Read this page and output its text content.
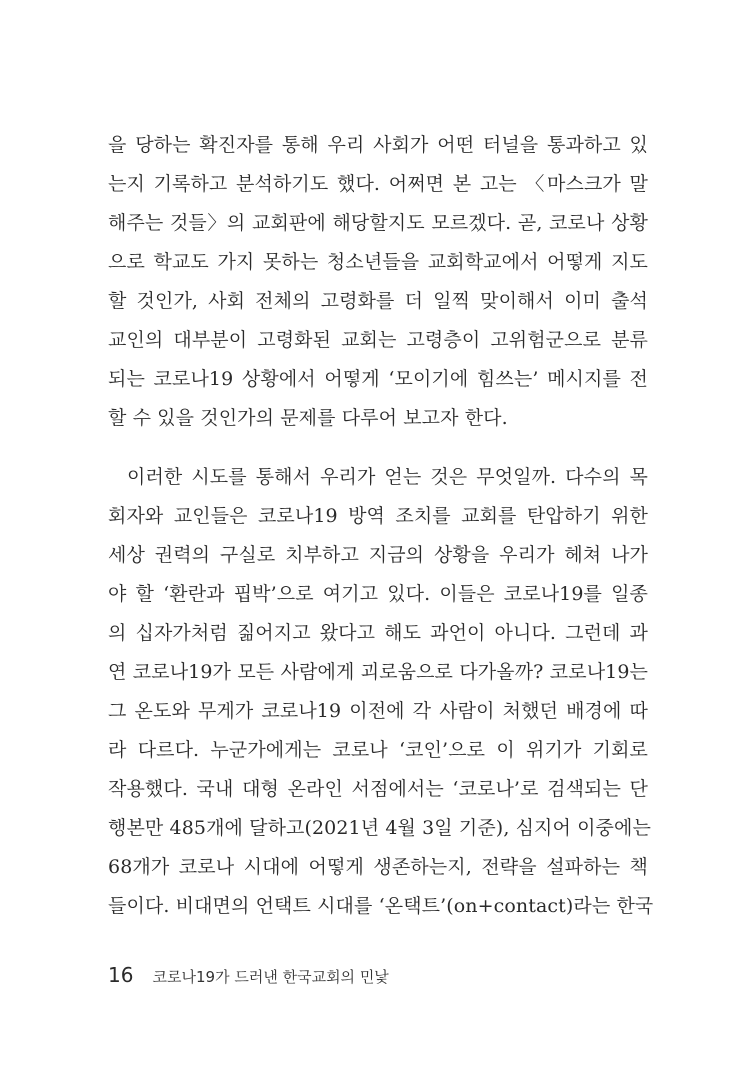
을 당하는 확진자를 통해 우리 사회가 어떤 터널을 통과하고 있
는지 기록하고 분석하기도 했다. 어쩌면 본 고는 〈마스크가 말
해주는 것들〉의 교회판에 해당할지도 모르겠다. 곧, 코로나 상황
으로 학교도 가지 못하는 청소년들을 교회학교에서 어떻게 지도
할 것인가, 사회 전체의 고령화를 더 일찍 맞이해서 이미 출석
교인의 대부분이 고령화된 교회는 고령층이 고위험군으로 분류
되는 코로나19 상황에서 어떻게 ‘모이기에 힘쓰는’ 메시지를 전
할 수 있을 것인가의 문제를 다루어 보고자 한다.
이러한 시도를 통해서 우리가 얻는 것은 무엇일까. 다수의 목
회자와 교인들은 코로나19 방역 조치를 교회를 탄압하기 위한
세상 권력의 구실로 치부하고 지금의 상황을 우리가 헤쳐 나가
야 할 ‘환란과 핍박’으로 여기고 있다. 이들은 코로나19를 일종
의 십자가처럼 짊어지고 왔다고 해도 과언이 아니다. 그런데 과
연 코로나19가 모든 사람에게 괴로움으로 다가올까? 코로나19는
그 온도와 무게가 코로나19 이전에 각 사람이 처했던 배경에 따
라 다르다. 누군가에게는 코로나 ‘코인’으로 이 위기가 기회로
작용했다. 국내 대형 온라인 서점에서는 ‘코로나’로 검색되는 단
행본만 485개에 달하고(2021년 4월 3일 기준), 심지어 이중에는
68개가 코로나 시대에 어떻게 생존하는지, 전략을 설파하는 책
들이다. 비대면의 언택트 시대를 ‘온택트’(on+contact)라는 한국
16 코로나19가 드러낸 한국교회의 민낯
